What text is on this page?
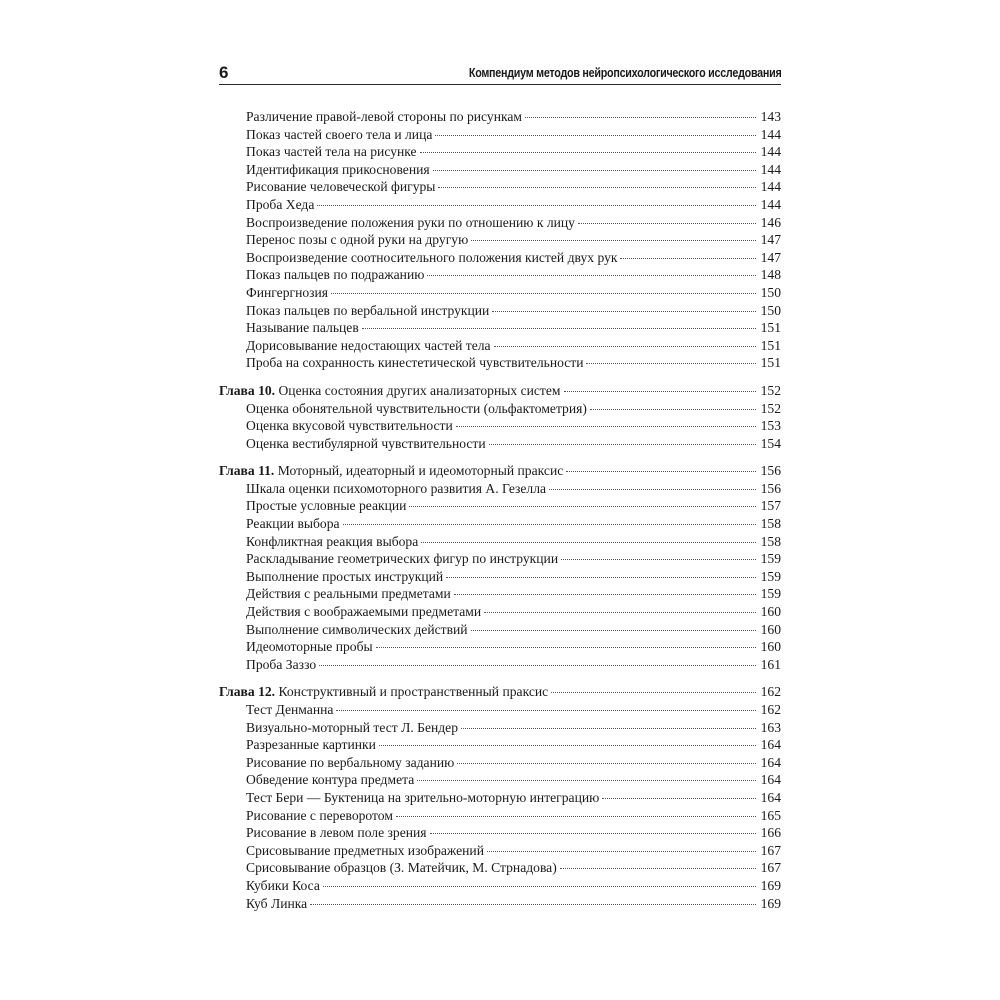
6	Компендиум методов нейропсихологического исследования
Различение правой-левой стороны по рисункам	143
Показ частей своего тела и лица	144
Показ частей тела на рисунке	144
Идентификация прикосновения	144
Рисование человеческой фигуры	144
Проба Хеда	144
Воспроизведение положения руки по отношению к лицу	146
Перенос позы с одной руки на другую	147
Воспроизведение соотносительного положения кистей двух рук	147
Показ пальцев по подражанию	148
Фингергнозия	150
Показ пальцев по вербальной инструкции	150
Называние пальцев	151
Дорисовывание недостающих частей тела	151
Проба на сохранность кинестетической чувствительности	151
Глава 10. Оценка состояния других анализаторных систем	152
Оценка обонятельной чувствительности (ольфактометрия)	152
Оценка вкусовой чувствительности	153
Оценка вестибулярной чувствительности	154
Глава 11. Моторный, идеаторный и идеомоторный праксис	156
Шкала оценки психомоторного развития А. Гезелла	156
Простые условные реакции	157
Реакции выбора	158
Конфликтная реакция выбора	158
Раскладывание геометрических фигур по инструкции	159
Выполнение простых инструкций	159
Действия с реальными предметами	159
Действия с воображаемыми предметами	160
Выполнение символических действий	160
Идеомоторные пробы	160
Проба Заззо	161
Глава 12. Конструктивный и пространственный праксис	162
Тест Денманна	162
Визуально-моторный тест Л. Бендер	163
Разрезанные картинки	164
Рисование по вербальному заданию	164
Обведение контура предмета	164
Тест Бери — Буктеница на зрительно-моторную интеграцию	164
Рисование с переворотом	165
Рисование в левом поле зрения	166
Срисовывание предметных изображений	167
Срисовывание образцов (З. Матейчик, М. Стрнадова)	167
Кубики Коса	169
Куб Линка	169
